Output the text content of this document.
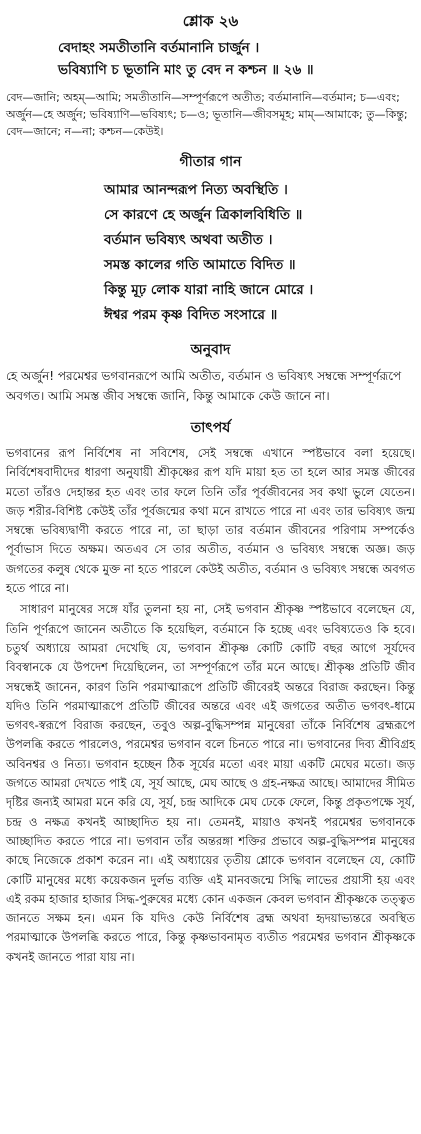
শ্লোক ২৬
বেদাহং সমতীতানি বর্তমানানি চার্জুন ।
ভবিষ্যাণি চ ভূতানি মাং তু বেদ ন কশ্চন ॥ ২৬ ॥
বেদ—জানি; অহম্—আমি; সমতীতানি—সম্পূর্ণরূপে অতীত; বর্তমানানি—বর্তমান; চ—এবং; অর্জুন—হে অর্জুন; ভবিষ্যাণি—ভবিষ্যৎ; চ—ও; ভূতানি—জীবসমূহ; মাম্—আমাকে; তু—কিন্তু; বেদ—জানে; ন—না; কশ্চন—কেউই।
গীতার গান
আমার আনন্দরূপ নিত্য অবস্থিতি ।
সে কারণে হে অর্জুন ত্রিকালবিধিতি ॥
বর্তমান ভবিষ্যৎ অথবা অতীত ।
সমস্ত কালের গতি আমাতে বিদিত ॥
কিন্তু মূঢ় লোক যারা নাহি জানে মোরে ।
ঈশ্বর পরম কৃষ্ণ বিদিত সংসারে ॥
অনুবাদ
হে অর্জুন! পরমেশ্বর ভগবানরূপে আমি অতীত, বর্তমান ও ভবিষ্যৎ সম্বন্ধে সম্পূর্ণরূপে অবগত। আমি সমস্ত জীব সম্বন্ধে জানি, কিন্তু আমাকে কেউ জানে না।
তাৎপর্য

ভগবানের রূপ নির্বিশেষ না সবিশেষ, সেই সম্বন্ধে এখানে স্পষ্টভাবে বলা হয়েছে। নির্বিশেষবাদীদের ধারণা অনুযায়ী শ্রীকৃষ্ণের রূপ যদি মায়া হত তা হলে আর সমস্ত জীবের মতো তাঁরও দেহান্তর হত এবং তার ফলে তিনি তাঁর পূর্বজীবনের সব কথা ভুলে যেতেন। জড় শরীর-বিশিষ্ট কেউই তাঁর পূর্বজন্মের কথা মনে রাখতে পারে না এবং তার ভবিষ্যৎ জন্ম সম্বন্ধে ভবিষ্যদ্বাণী করতে পারে না, তা ছাড়া তার বর্তমান জীবনের পরিণাম সম্পর্কেও পূর্বাভাস দিতে অক্ষম। অতএব সে তার অতীত, বর্তমান ও ভবিষ্যৎ সম্বন্ধে অজ্ঞ। জড় জগতের কলুষ থেকে মুক্ত না হতে পারলে কেউই অতীত, বর্তমান ও ভবিষ্যৎ সম্বন্ধে অবগত হতে পারে না।

সাধারণ মানুষের সঙ্গে যাঁর তুলনা হয় না, সেই ভগবান শ্রীকৃষ্ণ স্পষ্টভাবে বলেছেন যে, তিনি পূর্ণরূপে জানেন অতীতে কি হয়েছিল, বর্তমানে কি হচ্ছে এবং ভবিষ্যতেও কি হবে। চতুর্থ অধ্যায়ে আমরা দেখেছি যে, ভগবান শ্রীকৃষ্ণ কোটি কোটি বছর আগে সূর্যদেব বিবস্বানকে যে উপদেশ দিয়েছিলেন, তা সম্পূর্ণরূপে তাঁর মনে আছে। শ্রীকৃষ্ণ প্রতিটি জীব সম্বন্ধেই জানেন, কারণ তিনি পরমাত্মারূপে প্রতিটি জীবেরই অন্তরে বিরাজ করছেন। কিন্তু যদিও তিনি পরমাত্মারূপে প্রতিটি জীবের অন্তরে এবং এই জগতের অতীত ভগবৎ-ধামে ভগবৎ-স্বরূপে বিরাজ করছেন, তবুও অল্প-বুদ্ধিসম্পন্ন মানুষেরা তাঁকে নির্বিশেষ ব্রহ্মরূপে উপলব্ধি করতে পারলেও, পরমেশ্বর ভগবান বলে চিনতে পারে না। ভগবানের দিব্য শ্রীবিগ্রহ অবিনশ্বর ও নিত্য। ভগবান হচ্ছেন ঠিক সূর্যের মতো এবং মায়া একটি মেঘের মতো। জড় জগতে আমরা দেখতে পাই যে, সূর্য আছে, মেঘ আছে ও গ্রহ-নক্ষত্র আছে। আমাদের সীমিত দৃষ্টির জন্যই আমরা মনে করি যে, সূর্য, চন্দ্র আদিকে মেঘ ঢেকে ফেলে, কিন্তু প্রকৃতপক্ষে সূর্য, চন্দ্র ও নক্ষত্র কখনই আচ্ছাদিত হয় না। তেমনই, মায়াও কখনই পরমেশ্বর ভগবানকে আচ্ছাদিত করতে পারে না। ভগবান তাঁর অন্তরঙ্গা শক্তির প্রভাবে অল্প-বুদ্ধিসম্পন্ন মানুষের কাছে নিজেকে প্রকাশ করেন না। এই অধ্যায়ের তৃতীয় শ্লোকে ভগবান বলেছেন যে, কোটি কোটি মানুষের মধ্যে কয়েকজন দুর্লভ ব্যক্তি এই মানবজন্মে সিদ্ধি লাভের প্রয়াসী হয় এবং এই রকম হাজার হাজার সিদ্ধ-পুরুষের মধ্যে কোন একজন কেবল ভগবান শ্রীকৃষ্ণকে তত্ত্বত জানতে সক্ষম হন। এমন কি যদিও কেউ নির্বিশেষ ব্রহ্ম অথবা হৃদয়াভ্যন্তরে অবস্থিত পরমাত্মাকে উপলব্ধি করতে পারে, কিন্তু কৃষ্ণভাবনামৃত ব্যতীত পরমেশ্বর ভগবান শ্রীকৃষ্ণকে কখনই জানতে পারা যায় না।
